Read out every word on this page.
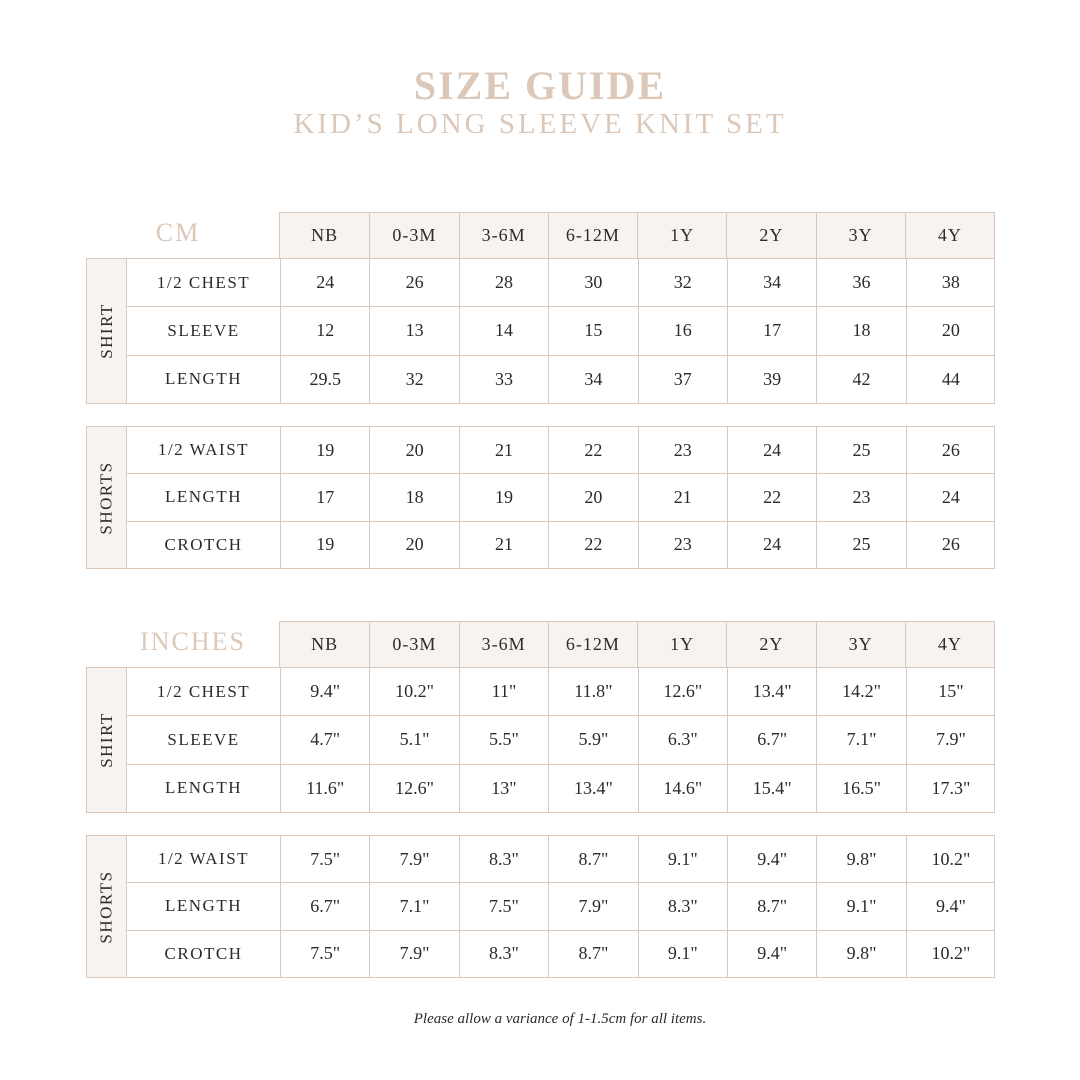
SIZE GUIDE
KID’S LONG SLEEVE KNIT SET
CM	NB	0-3M	3-6M	6-12M	1Y	2Y	3Y	4Y
SHIRT
1/2 CHEST	24	26	28	30	32	34	36	38
SLEEVE	12	13	14	15	16	17	18	20
LENGTH	29.5	32	33	34	37	39	42	44
SHORTS
1/2 WAIST	19	20	21	22	23	24	25	26
LENGTH	17	18	19	20	21	22	23	24
CROTCH	19	20	21	22	23	24	25	26
INCHES	NB	0-3M	3-6M	6-12M	1Y	2Y	3Y	4Y
SHIRT
1/2 CHEST	9.4"	10.2"	11"	11.8"	12.6"	13.4"	14.2"	15"
SLEEVE	4.7"	5.1"	5.5"	5.9"	6.3"	6.7"	7.1"	7.9"
LENGTH	11.6"	12.6"	13"	13.4"	14.6"	15.4"	16.5"	17.3"
SHORTS
1/2 WAIST	7.5"	7.9"	8.3"	8.7"	9.1"	9.4"	9.8"	10.2"
LENGTH	6.7"	7.1"	7.5"	7.9"	8.3"	8.7"	9.1"	9.4"
CROTCH	7.5"	7.9"	8.3"	8.7"	9.1"	9.4"	9.8"	10.2"
Please allow a variance of 1-1.5cm for all items.
